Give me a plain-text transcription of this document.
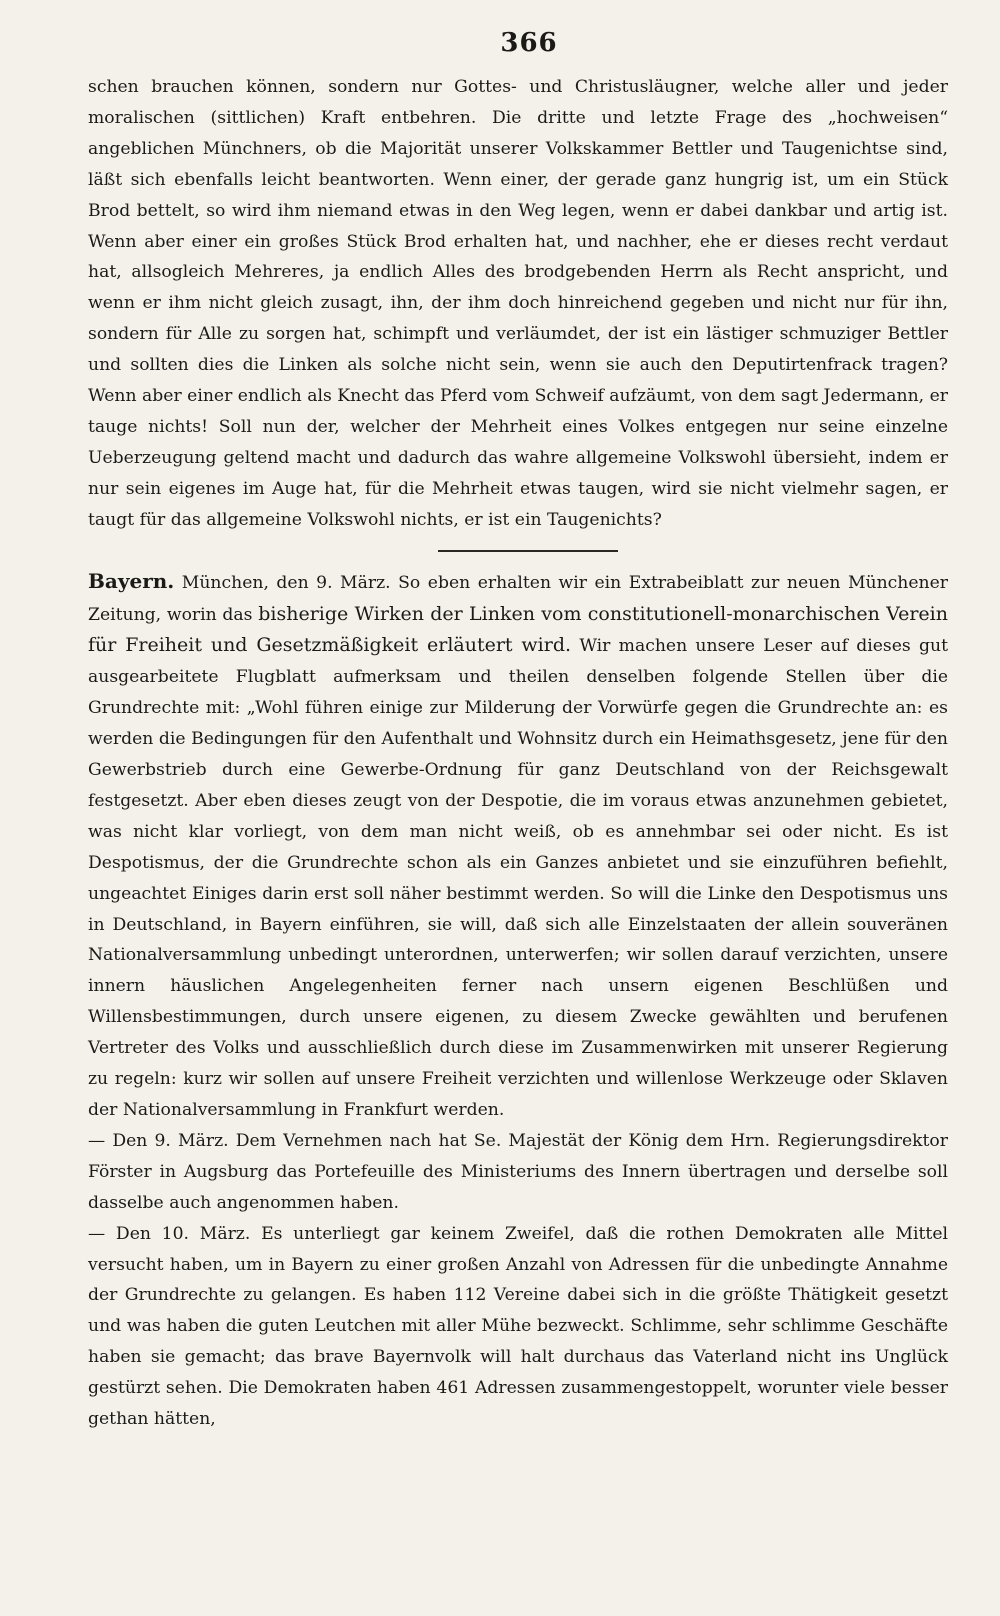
366

schen brauchen können, sondern nur Gottes- und Christusläugner, welche aller und jeder moralischen (sittlichen) Kraft entbehren. Die dritte und letzte Frage des „hochweisen“ angeblichen Münchners, ob die Majorität unserer Volkskammer Bettler und Taugenichtse sind, läßt sich ebenfalls leicht beantworten. Wenn einer, der gerade ganz hungrig ist, um ein Stück Brod bettelt, so wird ihm niemand etwas in den Weg legen, wenn er dabei dankbar und artig ist. Wenn aber einer ein großes Stück Brod erhalten hat, und nachher, ehe er dieses recht verdaut hat, allsogleich Mehreres, ja endlich Alles des brodgebenden Herrn als Recht anspricht, und wenn er ihm nicht gleich zusagt, ihn, der ihm doch hinreichend gegeben und nicht nur für ihn, sondern für Alle zu sorgen hat, schimpft und verläumdet, der ist ein lästiger schmuziger Bettler und sollten dies die Linken als solche nicht sein, wenn sie auch den Deputirtenfrack tragen? Wenn aber einer endlich als Knecht das Pferd vom Schweif aufzäumt, von dem sagt Jedermann, er tauge nichts! Soll nun der, welcher der Mehrheit eines Volkes entgegen nur seine einzelne Ueberzeugung geltend macht und dadurch das wahre allgemeine Volkswohl übersieht, indem er nur sein eigenes im Auge hat, für die Mehrheit etwas taugen, wird sie nicht vielmehr sagen, er taugt für das allgemeine Volkswohl nichts, er ist ein Taugenichts?

Bayern. München, den 9. März. So eben erhalten wir ein Extrabeiblatt zur neuen Münchener Zeitung, worin das bisherige Wirken der Linken vom constitutionell-monarchischen Verein für Freiheit und Gesetzmäßigkeit erläutert wird. Wir machen unsere Leser auf dieses gut ausgearbeitete Flugblatt aufmerksam und theilen denselben folgende Stellen über die Grundrechte mit: „Wohl führen einige zur Milderung der Vorwürfe gegen die Grundrechte an: es werden die Bedingungen für den Aufenthalt und Wohnsitz durch ein Heimathsgesetz, jene für den Gewerbstrieb durch eine Gewerbe-Ordnung für ganz Deutschland von der Reichsgewalt festgesetzt. Aber eben dieses zeugt von der Despotie, die im voraus etwas anzunehmen gebietet, was nicht klar vorliegt, von dem man nicht weiß, ob es annehmbar sei oder nicht. Es ist Despotismus, der die Grundrechte schon als ein Ganzes anbietet und sie einzuführen befiehlt, ungeachtet Einiges darin erst soll näher bestimmt werden. So will die Linke den Despotismus uns in Deutschland, in Bayern einführen, sie will, daß sich alle Einzelstaaten der allein souveränen Nationalversammlung unbedingt unterordnen, unterwerfen; wir sollen darauf verzichten, unsere innern häuslichen Angelegenheiten ferner nach unsern eigenen Beschlüßen und Willensbestimmungen, durch unsere eigenen, zu diesem Zwecke gewählten und berufenen Vertreter des Volks und ausschließlich durch diese im Zusammenwirken mit unserer Regierung zu regeln: kurz wir sollen auf unsere Freiheit verzichten und willenlose Werkzeuge oder Sklaven der Nationalversammlung in Frankfurt werden.

— Den 9. März. Dem Vernehmen nach hat Se. Majestät der König dem Hrn. Regierungsdirektor Förster in Augsburg das Portefeuille des Ministeriums des Innern übertragen und derselbe soll dasselbe auch angenommen haben.

— Den 10. März. Es unterliegt gar keinem Zweifel, daß die rothen Demokraten alle Mittel versucht haben, um in Bayern zu einer großen Anzahl von Adressen für die unbedingte Annahme der Grundrechte zu gelangen. Es haben 112 Vereine dabei sich in die größte Thätigkeit gesetzt und was haben die guten Leutchen mit aller Mühe bezweckt. Schlimme, sehr schlimme Geschäfte haben sie gemacht; das brave Bayernvolk will halt durchaus das Vaterland nicht ins Unglück gestürzt sehen. Die Demokraten haben 461 Adressen zusammengestoppelt, worunter viele besser gethan hätten,
